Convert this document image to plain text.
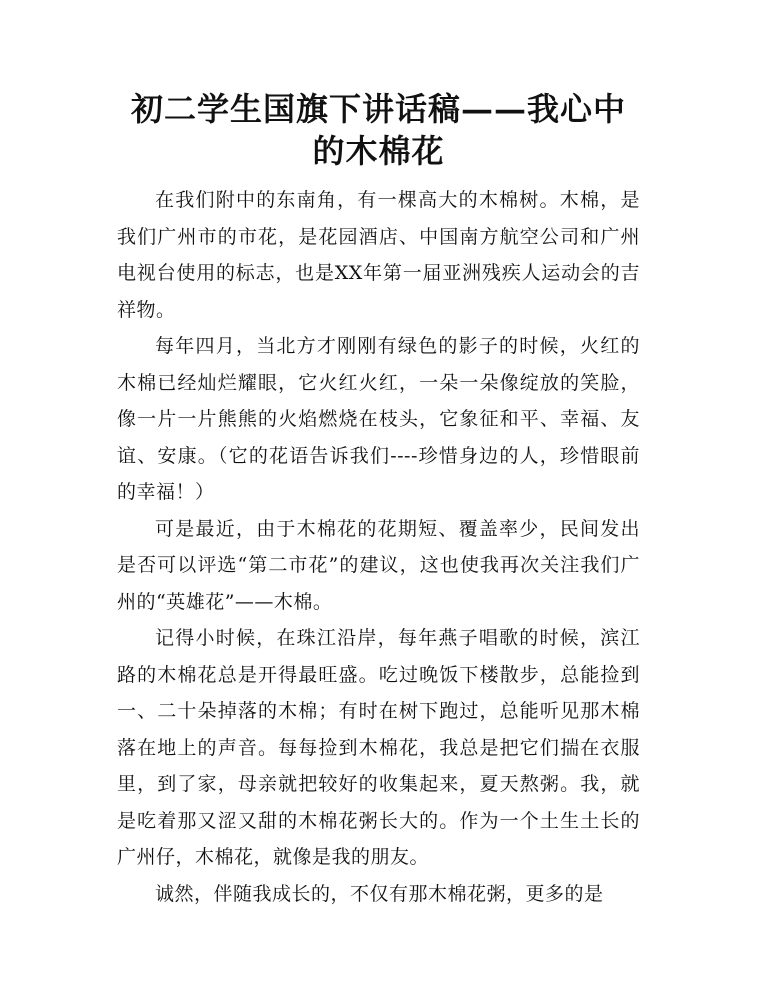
初二学生国旗下讲话稿——我心中的木棉花

在我们附中的东南角，有一棵高大的木棉树。木棉，是我们广州市的市花，是花园酒店、中国南方航空公司和广州电视台使用的标志，也是XX年第一届亚洲残疾人运动会的吉祥物。

每年四月，当北方才刚刚有绿色的影子的时候，火红的木棉已经灿烂耀眼，它火红火红，一朵一朵像绽放的笑脸，像一片一片熊熊的火焰燃烧在枝头，它象征和平、幸福、友谊、安康。（它的花语告诉我们----珍惜身边的人，珍惜眼前的幸福！）

可是最近，由于木棉花的花期短、覆盖率少，民间发出是否可以评选“第二市花”的建议，这也使我再次关注我们广州的“英雄花”——木棉。

记得小时候，在珠江沿岸，每年燕子唱歌的时候，滨江路的木棉花总是开得最旺盛。吃过晚饭下楼散步，总能捡到一、二十朵掉落的木棉；有时在树下跑过，总能听见那木棉落在地上的声音。每每捡到木棉花，我总是把它们揣在衣服里，到了家，母亲就把较好的收集起来，夏天熬粥。我，就是吃着那又涩又甜的木棉花粥长大的。作为一个土生土长的广州仔，木棉花，就像是我的朋友。

诚然，伴随我成长的，不仅有那木棉花粥，更多的是
